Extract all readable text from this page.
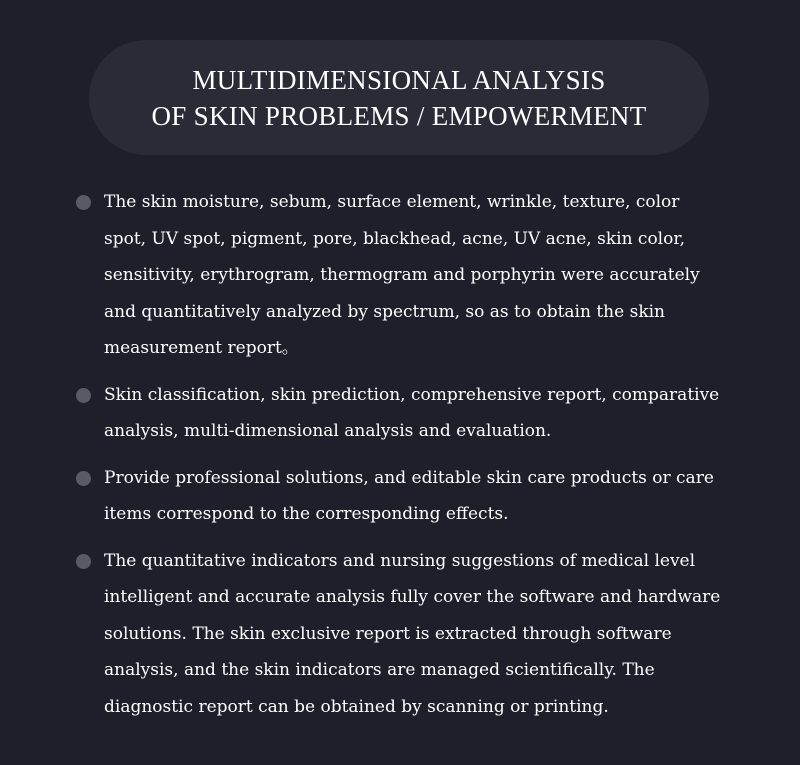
MULTIDIMENSIONAL ANALYSIS
OF SKIN PROBLEMS / EMPOWERMENT
The skin moisture, sebum, surface element, wrinkle, texture, color spot, UV spot, pigment, pore, blackhead, acne, UV acne, skin color, sensitivity, erythrogram, thermogram and porphyrin were accurately and quantitatively analyzed by spectrum, so as to obtain the skin measurement report。
Skin classification, skin prediction, comprehensive report, comparative analysis, multi-dimensional analysis and evaluation.
Provide professional solutions, and editable skin care products or care items correspond to the corresponding effects.
The quantitative indicators and nursing suggestions of medical level intelligent and accurate analysis fully cover the software and hardware solutions. The skin exclusive report is extracted through software analysis, and the skin indicators are managed scientifically. The diagnostic report can be obtained by scanning or printing.
